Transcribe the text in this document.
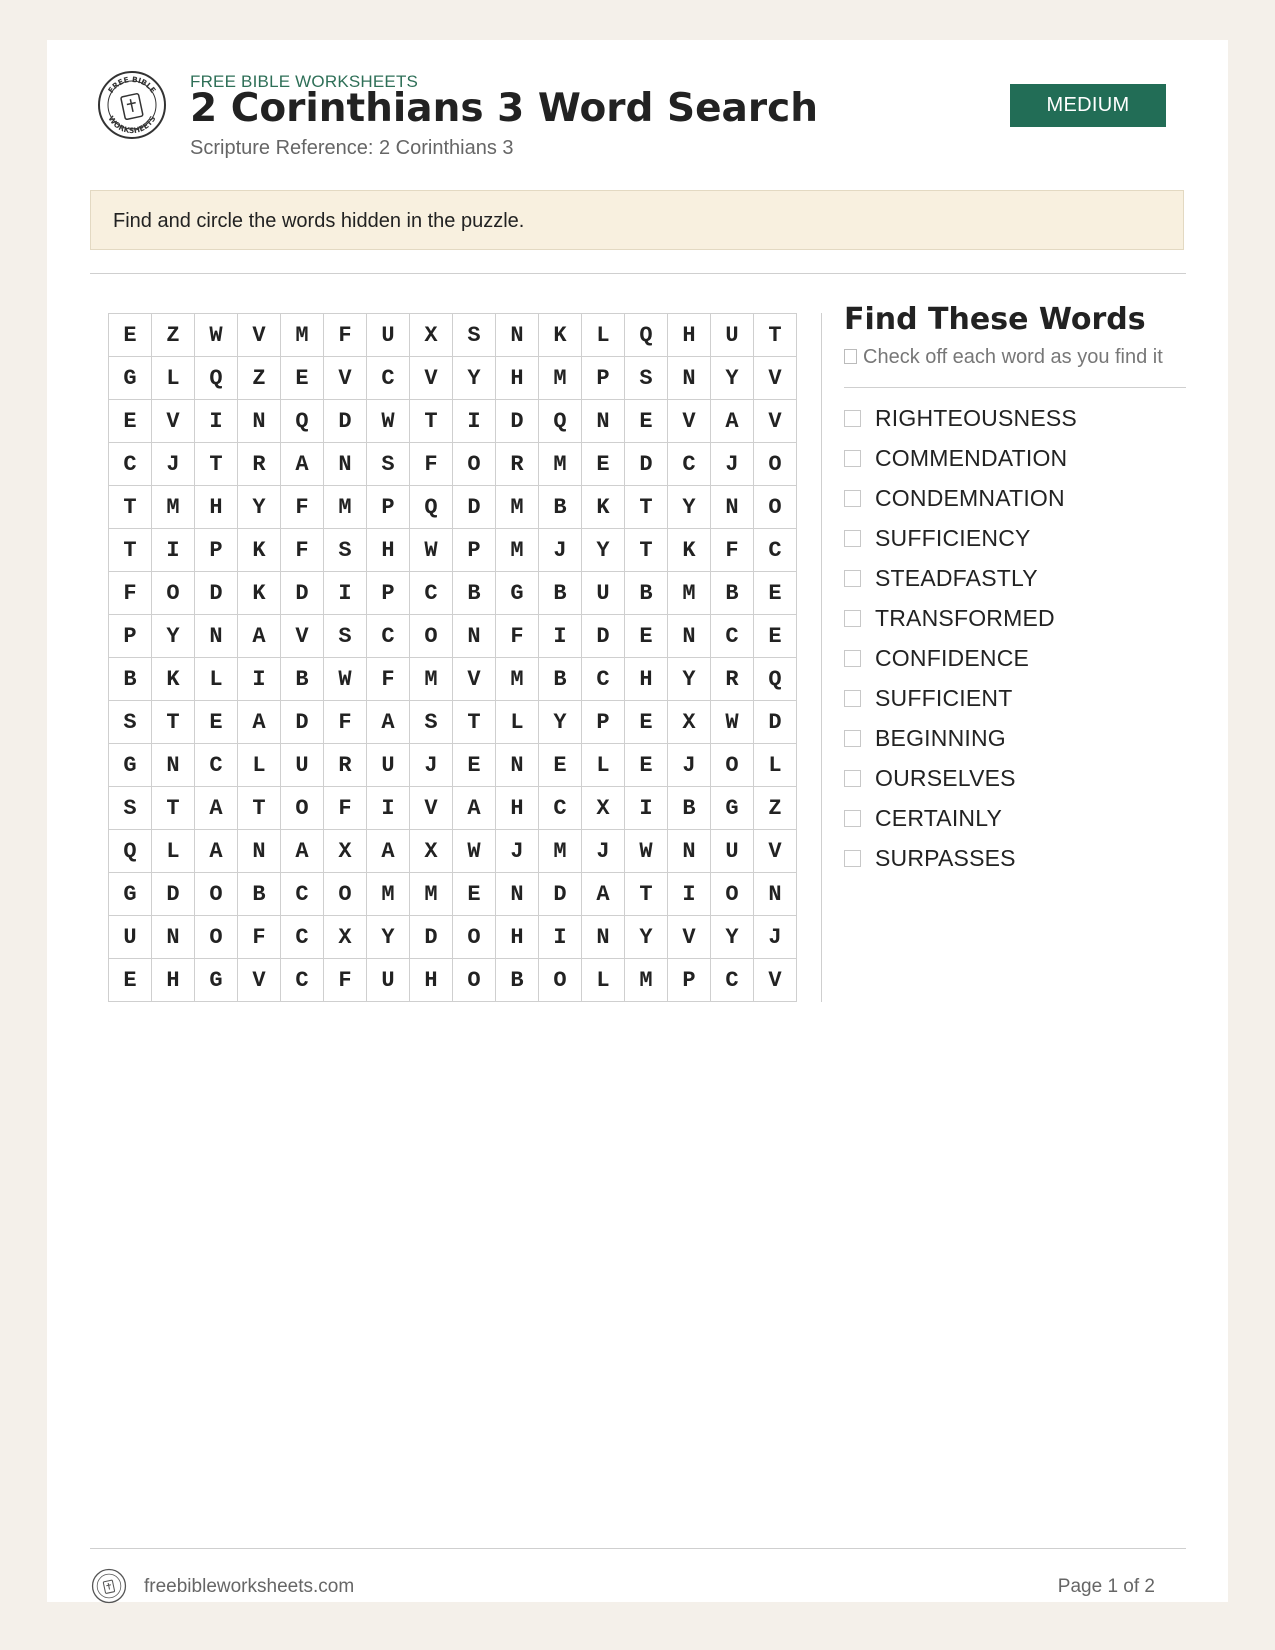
FREE BIBLE
WORKSHEETS
FREE BIBLE WORKSHEETS
2 Corinthians 3 Word Search
Scripture Reference: 2 Corinthians 3
MEDIUM
Find and circle the words hidden in the puzzle.
E	Z	W	V	M	F	U	X	S	N	K	L	Q	H	U	T
G	L	Q	Z	E	V	C	V	Y	H	M	P	S	N	Y	V
E	V	I	N	Q	D	W	T	I	D	Q	N	E	V	A	V
C	J	T	R	A	N	S	F	O	R	M	E	D	C	J	O
T	M	H	Y	F	M	P	Q	D	M	B	K	T	Y	N	O
T	I	P	K	F	S	H	W	P	M	J	Y	T	K	F	C
F	O	D	K	D	I	P	C	B	G	B	U	B	M	B	E
P	Y	N	A	V	S	C	O	N	F	I	D	E	N	C	E
B	K	L	I	B	W	F	M	V	M	B	C	H	Y	R	Q
S	T	E	A	D	F	A	S	T	L	Y	P	E	X	W	D
G	N	C	L	U	R	U	J	E	N	E	L	E	J	O	L
S	T	A	T	O	F	I	V	A	H	C	X	I	B	G	Z
Q	L	A	N	A	X	A	X	W	J	M	J	W	N	U	V
G	D	O	B	C	O	M	M	E	N	D	A	T	I	O	N
U	N	O	F	C	X	Y	D	O	H	I	N	Y	V	Y	J
E	H	G	V	C	F	U	H	O	B	O	L	M	P	C	V
Find These Words
Check off each word as you find it
RIGHTEOUSNESS
COMMENDATION
CONDEMNATION
SUFFICIENCY
STEADFASTLY
TRANSFORMED
CONFIDENCE
SUFFICIENT
BEGINNING
OURSELVES
CERTAINLY
SURPASSES
freebibleworksheets.com	Page 1 of 2
